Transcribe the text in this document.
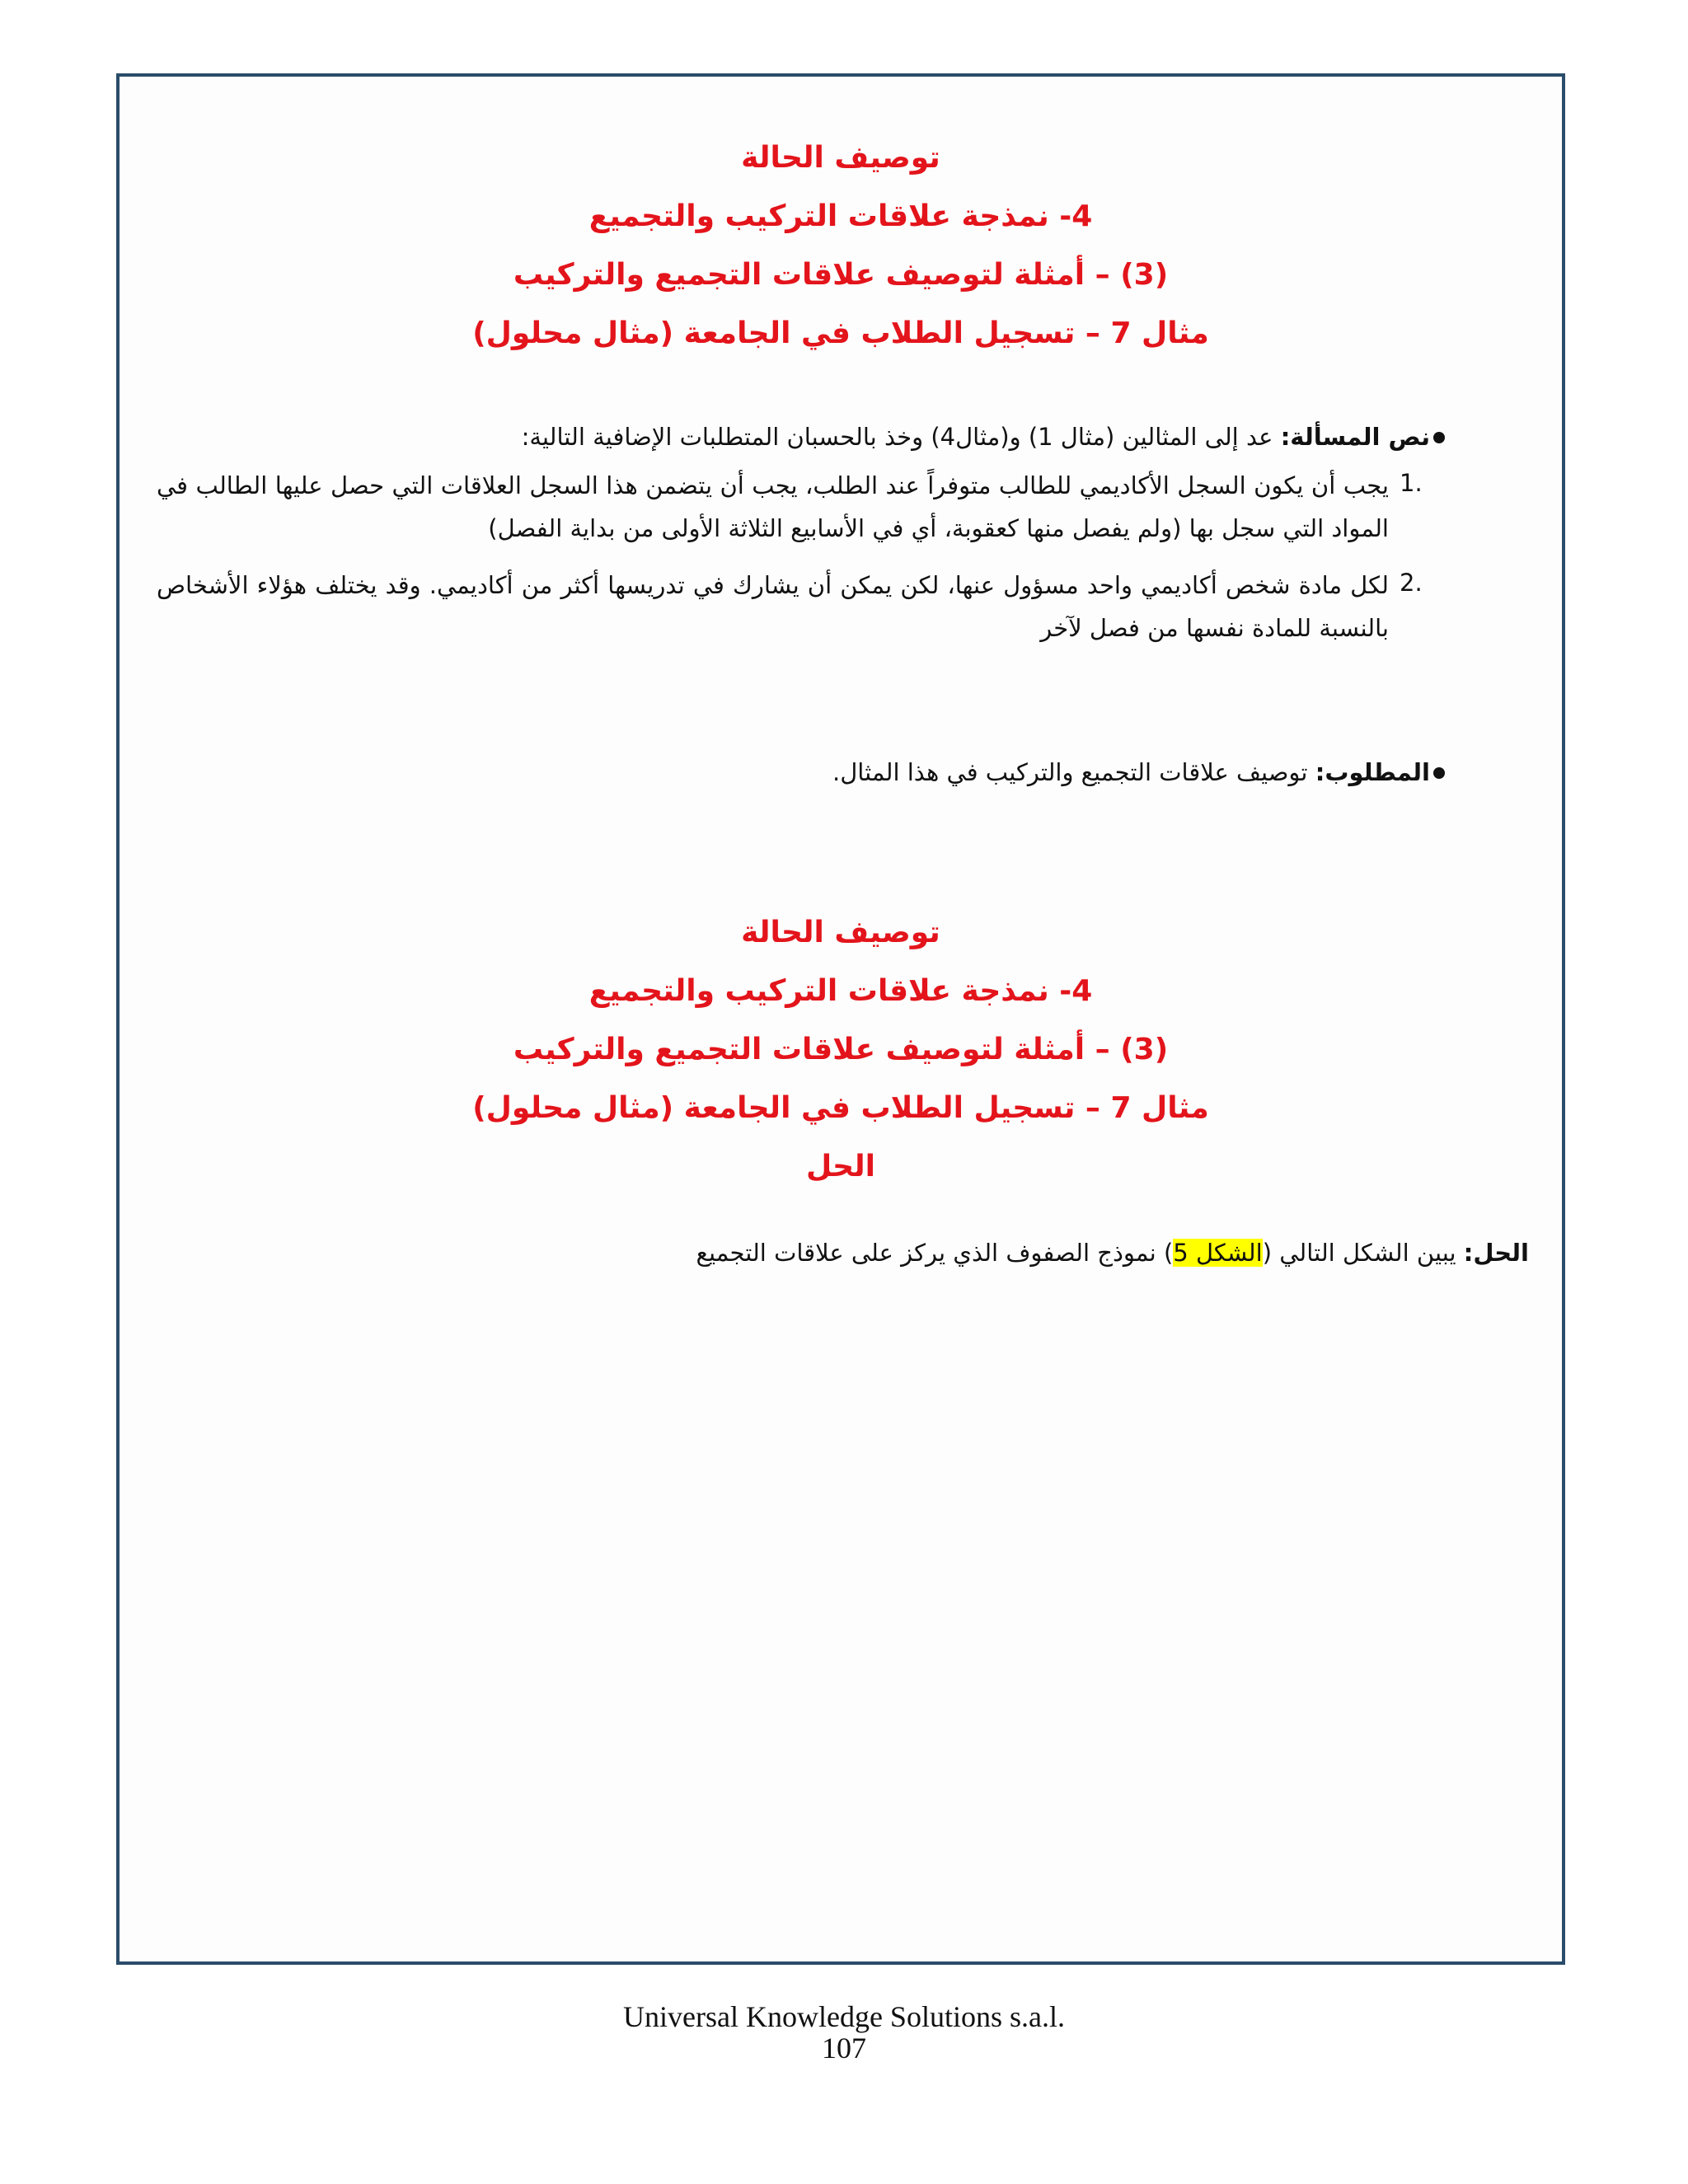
توصيف الحالة
4- نمذجة علاقات التركيب والتجميع
(3) – أمثلة لتوصيف علاقات التجميع والتركيب
مثال 7 – تسجيل الطلاب في الجامعة (مثال محلول)
نص المسألة: عد إلى المثالين (مثال 1) و(مثال4) وخذ بالحسبان المتطلبات الإضافية التالية:
1.
يجب أن يكون السجل الأكاديمي للطالب متوفراً عند الطلب، يجب أن يتضمن هذا السجل العلاقات التي حصل عليها الطالب في المواد التي سجل بها (ولم يفصل منها كعقوبة، أي في الأسابيع الثلاثة الأولى من بداية الفصل)
2.
لكل مادة شخص أكاديمي واحد مسؤول عنها، لكن يمكن أن يشارك في تدريسها أكثر من أكاديمي. وقد يختلف هؤلاء الأشخاص بالنسبة للمادة نفسها من فصل لآخر
المطلوب: توصيف علاقات التجميع والتركيب في هذا المثال.
توصيف الحالة
4- نمذجة علاقات التركيب والتجميع
(3) – أمثلة لتوصيف علاقات التجميع والتركيب
مثال 7 – تسجيل الطلاب في الجامعة (مثال محلول)
الحل
الحل: يبين الشكل التالي (الشكل 5) نموذج الصفوف الذي يركز على علاقات التجميع
Universal Knowledge Solutions s.a.l.
107
